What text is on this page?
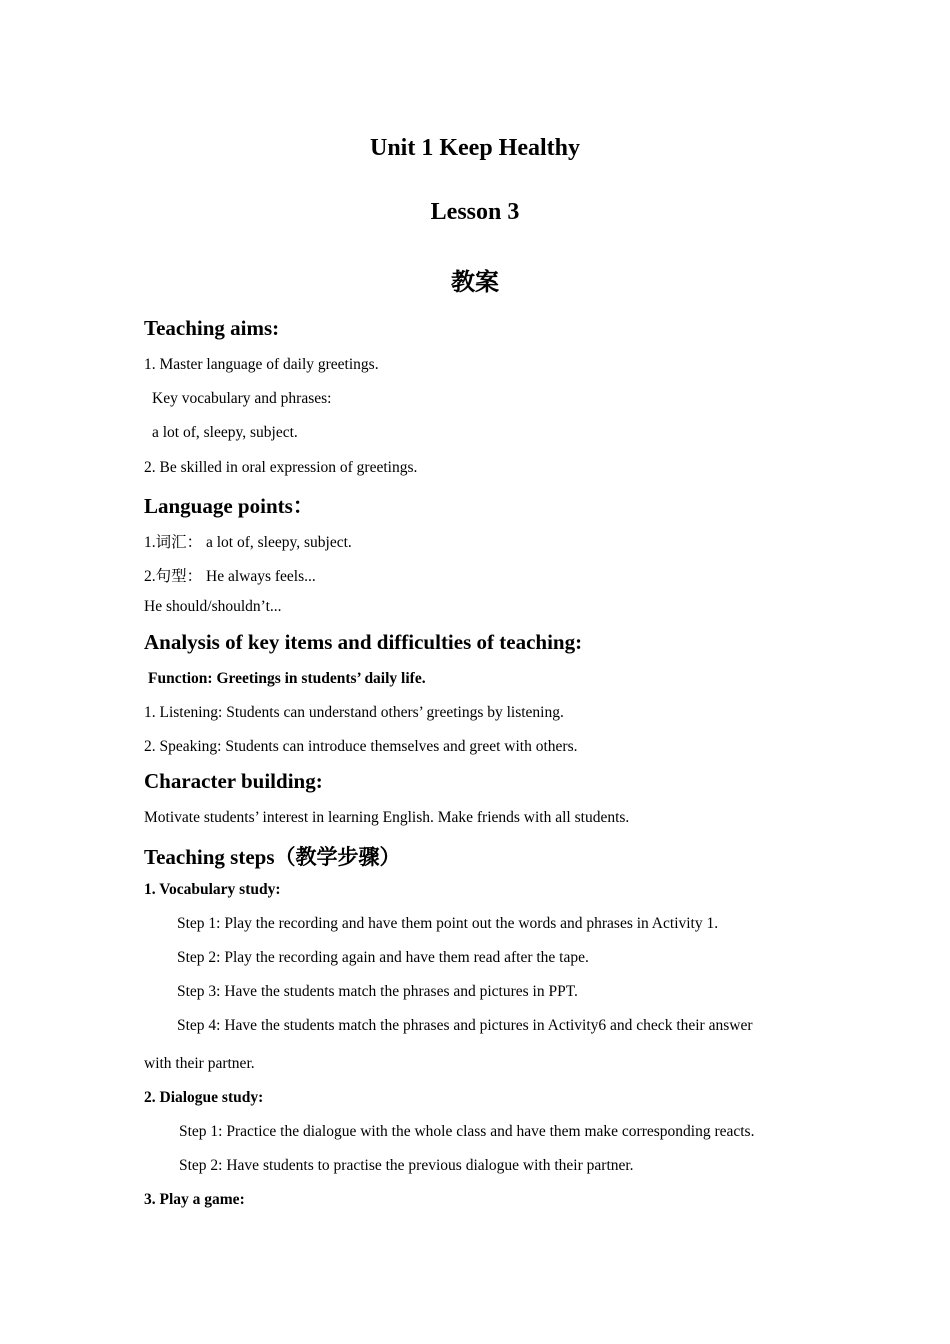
Unit 1 Keep Healthy
Lesson 3
教案
Teaching aims:
1. Master language of daily greetings.
Key vocabulary and phrases:
a lot of, sleepy, subject.
2. Be skilled in oral expression of greetings.
Language points：
1.词汇： a lot of, sleepy, subject.
2.句型： He always feels...
He should/shouldn’t...
Analysis of key items and difficulties of teaching:
Function: Greetings in students’ daily life.
1. Listening: Students can understand others’ greetings by listening.
2. Speaking: Students can introduce themselves and greet with others.
Character building:
Motivate students’ interest in learning English. Make friends with all students.
Teaching steps（教学步骤）
1. Vocabulary study:
Step 1: Play the recording and have them point out the words and phrases in Activity 1.
Step 2: Play the recording again and have them read after the tape.
Step 3: Have the students match the phrases and pictures in PPT.
Step 4: Have the students match the phrases and pictures in Activity6 and check their answer
with their partner.
2. Dialogue study:
Step 1: Practice the dialogue with the whole class and have them make corresponding reacts.
Step 2: Have students to practise the previous dialogue with their partner.
3. Play a game:
